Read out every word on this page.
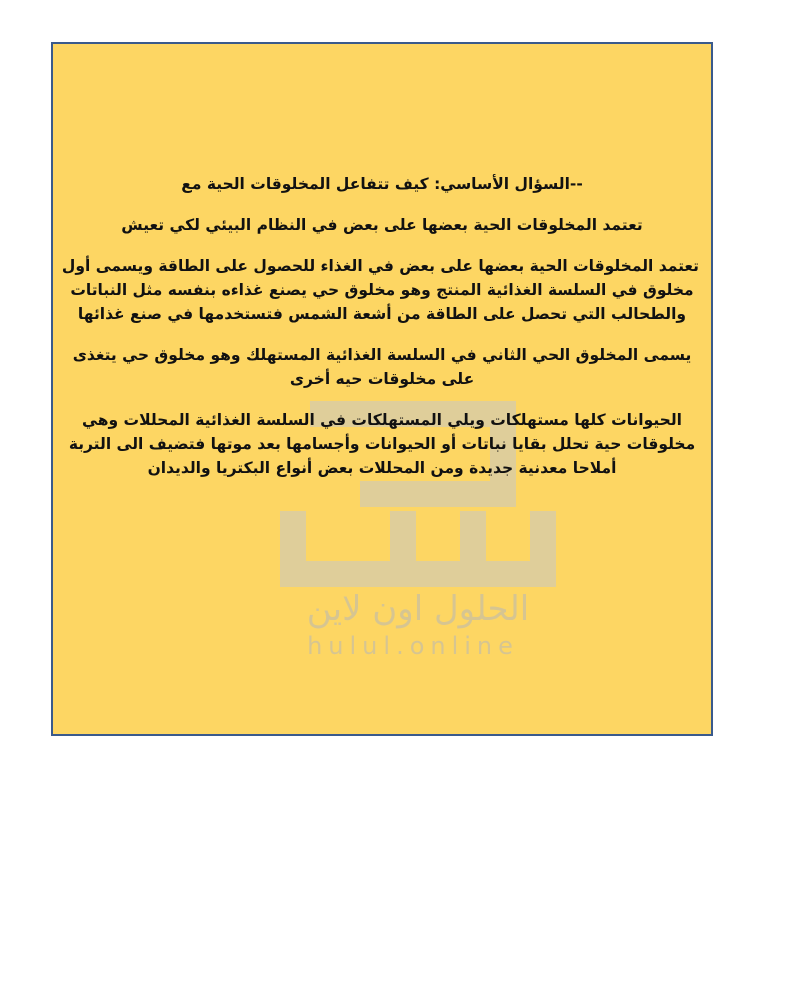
الحلول اون لاين
hulul.online
--السؤال الأساسي: كيف تتفاعل المخلوقات الحية مع
تعتمد المخلوقات الحية بعضها على بعض في النظام البيئي لكي تعيش
تعتمد المخلوقات الحية بعضها على بعض في الغذاء للحصول على الطاقة ويسمى أول
مخلوق في السلسة الغذائية المنتج وهو مخلوق حي يصنع غذاءه بنفسه مثل النباتات
والطحالب التي تحصل على الطاقة من أشعة الشمس فتستخدمها في صنع غذائها
يسمى المخلوق الحي الثاني في السلسة الغذائية المستهلك وهو مخلوق حي يتغذى
على مخلوقات حيه أخرى
الحيوانات كلها مستهلكات ويلي المستهلكات في السلسة الغذائية المحللات وهي
مخلوقات حية تحلل بقايا نباتات أو الحيوانات وأجسامها بعد موتها فتضيف الى التربة
أملاحا معدنية جديدة ومن المحللات بعض أنواع البكتريا والديدان
